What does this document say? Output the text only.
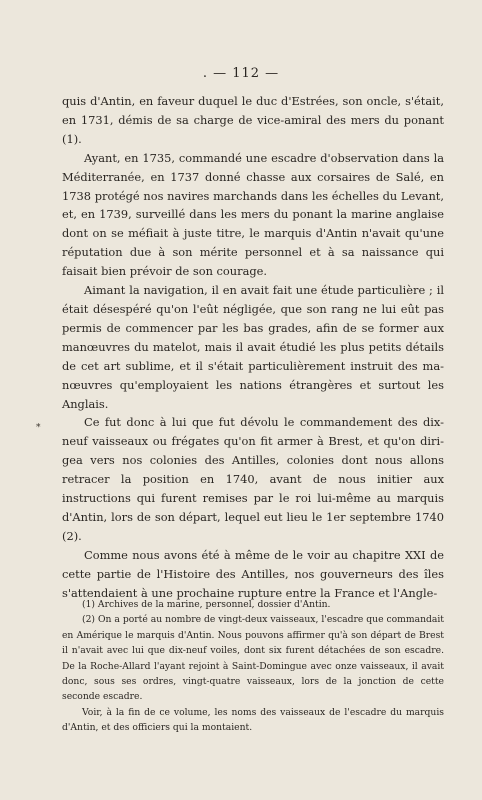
. — 112 —

quis d'Antin, en faveur duquel le duc d'Estrées, son oncle, s'était, en 1731, démis de sa charge de vice-amiral des mers du ponant (1).

Ayant, en 1735, commandé une escadre d'observation dans la Méditerranée, en 1737 donné chasse aux corsaires de Salé, en 1738 protégé nos navires marchands dans les échelles du Levant, et, en 1739, surveillé dans les mers du ponant la marine anglaise dont on se méfiait à juste titre, le marquis d'Antin n'avait qu'une réputation due à son mérite personnel et à sa naissance qui faisait bien prévoir de son courage.

Aimant la navigation, il en avait fait une étude particulière ; il était désespéré qu'on l'eût négligée, que son rang ne lui eût pas permis de commencer par les bas grades, afin de se former aux manœuvres du matelot, mais il avait étudié les plus petits détails de cet art sublime, et il s'était particulièrement instruit des manœuvres qu'employaient les nations étrangères et surtout les Anglais.

Ce fut donc à lui que fut dévolu le commandement des dix-neuf vaisseaux ou frégates qu'on fit armer à Brest, et qu'on dirigea vers nos colonies des Antilles, colonies dont nous allons retracer la position en 1740, avant de nous initier aux instructions qui furent remises par le roi lui-même au marquis d'Antin, lors de son départ, lequel eut lieu le 1er septembre 1740 (2).

Comme nous avons été à même de le voir au chapitre XXI de cette partie de l'Histoire des Antilles, nos gouverneurs des îles s'attendaient à une prochaine rupture entre la France et l'Angle-

*

(1) Archives de la marine, personnel, dossier d'Antin.

(2) On a porté au nombre de vingt-deux vaisseaux, l'escadre que commandait en Amérique le marquis d'Antin. Nous pouvons affirmer qu'à son départ de Brest il n'avait avec lui que dix-neuf voiles, dont six furent détachées de son escadre. De la Roche-Allard l'ayant rejoint à Saint-Domingue avec onze vaisseaux, il avait donc, sous ses ordres, vingt-quatre vaisseaux, lors de la jonction de cette seconde escadre.

Voir, à la fin de ce volume, les noms des vaisseaux de l'escadre du marquis d'Antin, et des officiers qui la montaient.
